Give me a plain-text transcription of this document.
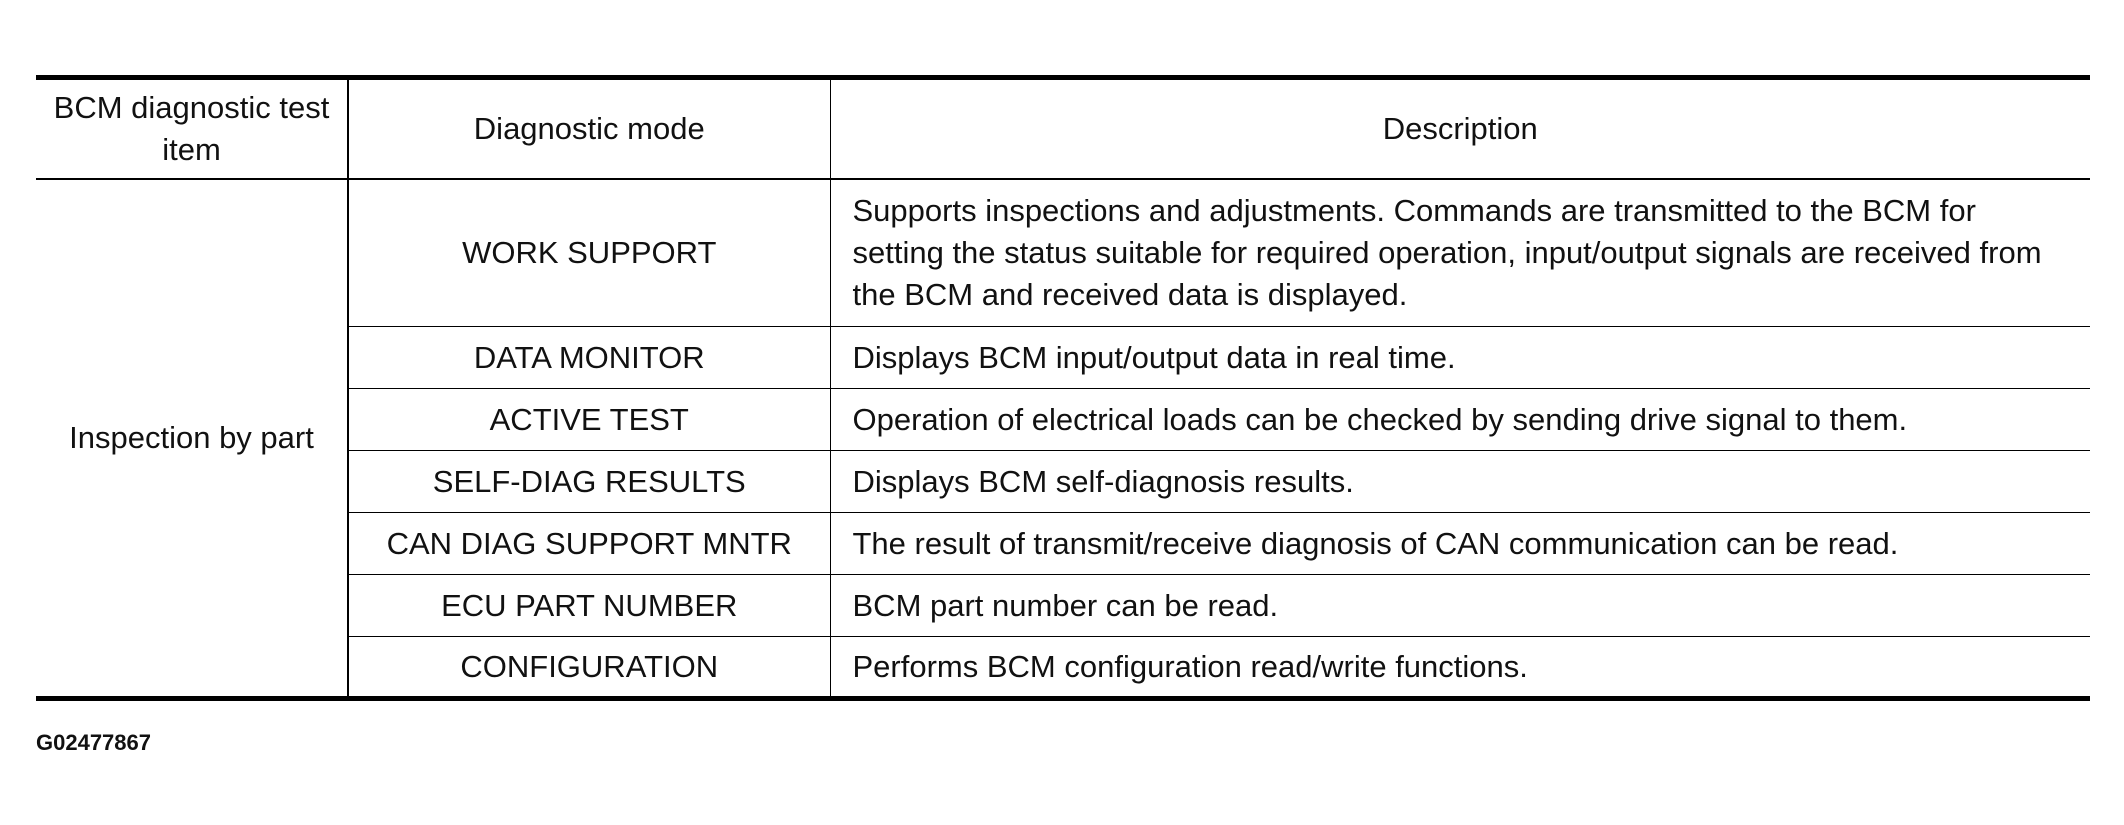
BCM diagnostic test item	Diagnostic mode	Description
Inspection by part	WORK SUPPORT	Supports inspections and adjustments. Commands are transmitted to the BCM for setting the status suitable for required operation, input/output signals are received from the BCM and received data is displayed.
	DATA MONITOR	Displays BCM input/output data in real time.
	ACTIVE TEST	Operation of electrical loads can be checked by sending drive signal to them.
	SELF-DIAG RESULTS	Displays BCM self-diagnosis results.
	CAN DIAG SUPPORT MNTR	The result of transmit/receive diagnosis of CAN communication can be read.
	ECU PART NUMBER	BCM part number can be read.
	CONFIGURATION	Performs BCM configuration read/write functions.
G02477867
